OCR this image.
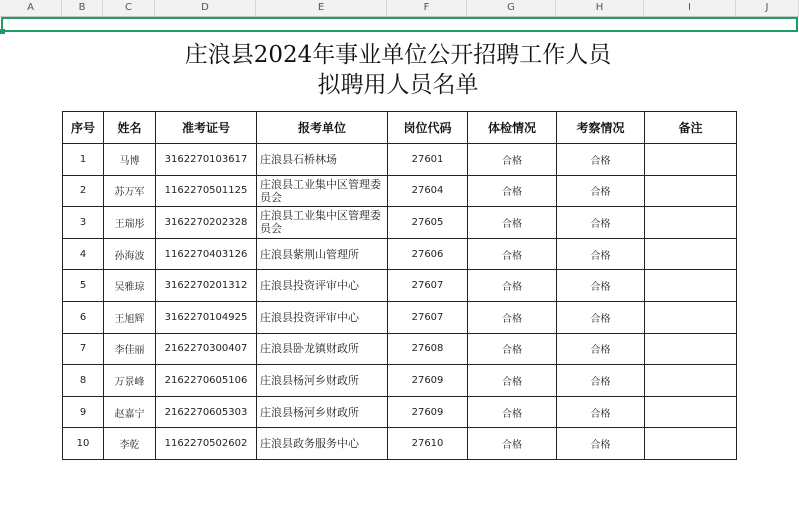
A	B	C	D	E	F	G	H	I	J
庄浪县2024年事业单位公开招聘工作人员
拟聘用人员名单
序号	姓名	准考证号	报考单位	岗位代码	体检情况	考察情况	备注
1	马博	3162270103617	庄浪县石桥林场	27601	合格	合格	
2	苏万军	1162270501125	庄浪县工业集中区管理委员会	27604	合格	合格	
3	王瑞彤	3162270202328	庄浪县工业集中区管理委员会	27605	合格	合格	
4	孙海波	1162270403126	庄浪县紫荆山管理所	27606	合格	合格	
5	吴雅琼	3162270201312	庄浪县投资评审中心	27607	合格	合格	
6	王旭辉	3162270104925	庄浪县投资评审中心	27607	合格	合格	
7	李佳丽	2162270300407	庄浪县卧龙镇财政所	27608	合格	合格	
8	万景峰	2162270605106	庄浪县杨河乡财政所	27609	合格	合格	
9	赵嘉宁	2162270605303	庄浪县杨河乡财政所	27609	合格	合格	
10	李乾	1162270502602	庄浪县政务服务中心	27610	合格	合格	
